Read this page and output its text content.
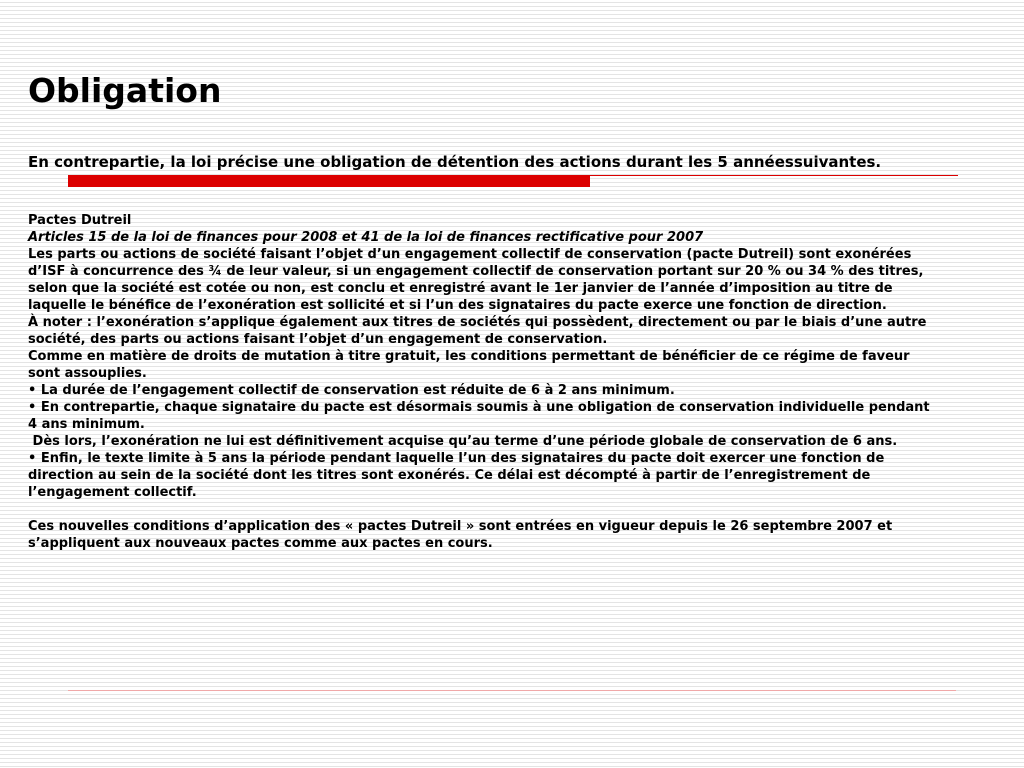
Obligation

En contrepartie, la loi précise une obligation de détention des actions durant les 5 annéessuivantes.

Pactes Dutreil
Articles 15 de la loi de finances pour 2008 et 41 de la loi de finances rectificative pour 2007
Les parts ou actions de société faisant l’objet d’un engagement collectif de conservation (pacte Dutreil) sont exonérées
d’ISF à concurrence des ¾ de leur valeur, si un engagement collectif de conservation portant sur 20 % ou 34 % des titres,
selon que la société est cotée ou non, est conclu et enregistré avant le 1er janvier de l’année d’imposition au titre de
laquelle le bénéfice de l’exonération est sollicité et si l’un des signataires du pacte exerce une fonction de direction.
À noter : l’exonération s’applique également aux titres de sociétés qui possèdent, directement ou par le biais d’une autre
société, des parts ou actions faisant l’objet d’un engagement de conservation.
Comme en matière de droits de mutation à titre gratuit, les conditions permettant de bénéficier de ce régime de faveur
sont assouplies.
• La durée de l’engagement collectif de conservation est réduite de 6 à 2 ans minimum.
• En contrepartie, chaque signataire du pacte est désormais soumis à une obligation de conservation individuelle pendant
4 ans minimum.
Dès lors, l’exonération ne lui est définitivement acquise qu’au terme d’une période globale de conservation de 6 ans.
• Enfin, le texte limite à 5 ans la période pendant laquelle l’un des signataires du pacte doit exercer une fonction de
direction au sein de la société dont les titres sont exonérés. Ce délai est décompté à partir de l’enregistrement de
l’engagement collectif.
Ces nouvelles conditions d’application des « pactes Dutreil » sont entrées en vigueur depuis le 26 septembre 2007 et
s’appliquent aux nouveaux pactes comme aux pactes en cours.
